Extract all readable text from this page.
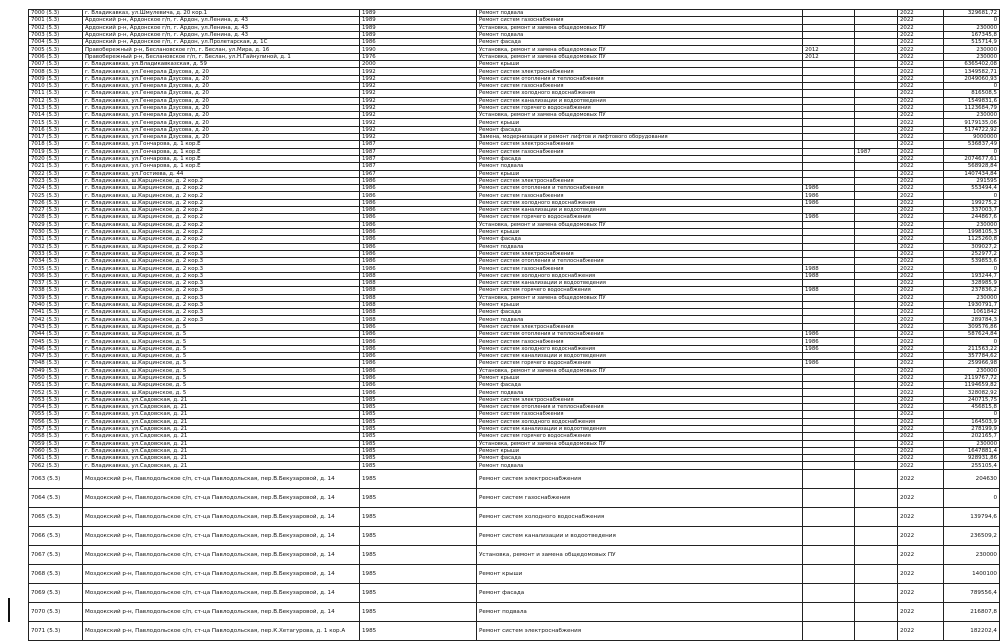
7000 (5.3)	г. Владикавказ, ул.Шмулевича, д. 20 кор.1	1989	Ремонт подвала			2022	329681,72
7001 (5.3)	Ардонский р-н, Ардонское г/п, г. Ардон, ул.Ленина, д. 43	1989	Ремонт систем газоснабжения			2022	0
7002 (5.3)	Ардонский р-н, Ардонское г/п, г. Ардон, ул.Ленина, д. 43	1989	Установка, ремонт и замена общедомовых ПУ			2022	230000
7003 (5.3)	Ардонский р-н, Ардонское г/п, г. Ардон, ул.Ленина, д. 43	1989	Ремонт подвала			2022	167345,8
7004 (5.3)	Ардонский р-н, Ардонское г/п, г. Ардон, ул.Пролетарская, д. 1С	1986	Ремонт фасада			2022	515714,9
7005 (5.3)	Правобережный р-н, Беслановское г/п, г. Беслан, ул.Мира, д. 16	1990	Установка, ремонт и замена общедомовых ПУ	2012		2022	230000
7006 (5.3)	Правобережный р-н, Беслановское г/п, г. Беслан, ул.Н.Гайнулиной, д. 1	1976	Установка, ремонт и замена общедомовых ПУ	2012		2022	230000
7007 (5.3)	г. Владикавказ, ул.Владикавказская, д. 59	2000	Ремонт крыши			2022	6365402,08
7008 (5.3)	г. Владикавказ, ул.Генерала Дзусова, д. 20	1992	Ремонт систем электроснабжения			2022	1349582,71
7009 (5.3)	г. Владикавказ, ул.Генерала Дзусова, д. 20	1992	Ремонт систем отопления и теплоснабжения			2022	2049060,93
7010 (5.3)	г. Владикавказ, ул.Генерала Дзусова, д. 20	1992	Ремонт систем газоснабжения			2022	0
7011 (5.3)	г. Владикавказ, ул.Генерала Дзусова, д. 20	1992	Ремонт систем холодного водоснабжения			2022	816508,5
7012 (5.3)	г. Владикавказ, ул.Генерала Дзусова, д. 20	1992	Ремонт систем канализации и водоотведения			2022	1549831,6
7013 (5.3)	г. Владикавказ, ул.Генерала Дзусова, д. 20	1992	Ремонт систем горячего водоснабжения			2022	1123684,79
7014 (5.3)	г. Владикавказ, ул.Генерала Дзусова, д. 20	1992	Установка, ремонт и замена общедомовых ПУ			2022	230000
7015 (5.3)	г. Владикавказ, ул.Генерала Дзусова, д. 20	1992	Ремонт крыши			2022	9179135,06
7016 (5.3)	г. Владикавказ, ул.Генерала Дзусова, д. 20	1992	Ремонт фасада			2022	5174722,92
7017 (5.3)	г. Владикавказ, ул.Генерала Дзусова, д. 20	1992	Замена, модернизация и ремонт лифтов и лифтового оборудования			2022	9000000
7018 (5.3)	г. Владикавказ, ул.Гончарова, д. 1 кор.Е	1987	Ремонт систем электроснабжения			2022	536837,49
7019 (5.3)	г. Владикавказ, ул.Гончарова, д. 1 кор.Е	1987	Ремонт систем газоснабжения		1987	2022	0
7020 (5.3)	г. Владикавказ, ул.Гончарова, д. 1 кор.Е	1987	Ремонт фасада			2022	2074677,61
7021 (5.3)	г. Владикавказ, ул.Гончарова, д. 1 кор.Е	1987	Ремонт подвала			2022	568928,84
7022 (5.3)	г. Владикавказ, ул.Гостиева, д. 44	1967	Ремонт крыши			2022	1407434,84
7023 (5.3)	г. Владикавказ, ш.Карцинское, д. 2 кор.2	1986	Ремонт систем электроснабжения			2022	291595
7024 (5.3)	г. Владикавказ, ш.Карцинское, д. 2 кор.2	1986	Ремонт систем отопления и теплоснабжения	1986		2022	553494,4
7025 (5.3)	г. Владикавказ, ш.Карцинское, д. 2 кор.2	1986	Ремонт систем газоснабжения	1986		2022	0
7026 (5.3)	г. Владикавказ, ш.Карцинское, д. 2 кор.2	1986	Ремонт систем холодного водоснабжения	1986		2022	199275,2
7027 (5.3)	г. Владикавказ, ш.Карцинское, д. 2 кор.2	1986	Ремонт систем канализации и водоотведения			2022	337003,7
7028 (5.3)	г. Владикавказ, ш.Карцинское, д. 2 кор.2	1986	Ремонт систем горячего водоснабжения	1986		2022	244867,6
7029 (5.3)	г. Владикавказ, ш.Карцинское, д. 2 кор.2	1986	Установка, ремонт и замена общедомовых ПУ			2022	230000
7030 (5.3)	г. Владикавказ, ш.Карцинское, д. 2 кор.2	1986	Ремонт крыши			2022	1998105,3
7031 (5.3)	г. Владикавказ, ш.Карцинское, д. 2 кор.2	1986	Ремонт фасада			2022	1125260,8
7032 (5.3)	г. Владикавказ, ш.Карцинское, д. 2 кор.2	1986	Ремонт подвала			2022	309027,2
7033 (5.3)	г. Владикавказ, ш.Карцинское, д. 2 кор.3	1986	Ремонт систем электроснабжения			2022	252977,2
7034 (5.3)	г. Владикавказ, ш.Карцинское, д. 2 кор.3	1986	Ремонт систем отопления и теплоснабжения			2022	539853,6
7035 (5.3)	г. Владикавказ, ш.Карцинское, д. 2 кор.3	1986	Ремонт систем газоснабжения	1988		2022	0
7036 (5.3)	г. Владикавказ, ш.Карцинское, д. 2 кор.3	1988	Ремонт систем холодного водоснабжения	1988		2022	193244,7
7037 (5.3)	г. Владикавказ, ш.Карцинское, д. 2 кор.3	1988	Ремонт систем канализации и водоотведения			2022	328985,9
7038 (5.3)	г. Владикавказ, ш.Карцинское, д. 2 кор.3	1988	Ремонт систем горячего водоснабжения	1988		2022	237836,2
7039 (5.3)	г. Владикавказ, ш.Карцинское, д. 2 кор.3	1988	Установка, ремонт и замена общедомовых ПУ			2022	230000
7040 (5.3)	г. Владикавказ, ш.Карцинское, д. 2 кор.3	1988	Ремонт крыши			2022	1930791,7
7041 (5.3)	г. Владикавказ, ш.Карцинское, д. 2 кор.3	1988	Ремонт фасада			2022	1061842
7042 (5.3)	г. Владикавказ, ш.Карцинское, д. 2 кор.3	1988	Ремонт подвала			2022	289784,3
7043 (5.3)	г. Владикавказ, ш.Карцинское, д. 5	1986	Ремонт систем электроснабжения			2022	309576,86
7044 (5.3)	г. Владикавказ, ш.Карцинское, д. 5	1986	Ремонт систем отопления и теплоснабжения	1986		2022	587624,84
7045 (5.3)	г. Владикавказ, ш.Карцинское, д. 5	1986	Ремонт систем газоснабжения	1986		2022	0
7046 (5.3)	г. Владикавказ, ш.Карцинское, д. 5	1986	Ремонт систем холодного водоснабжения	1986		2022	211563,22
7047 (5.3)	г. Владикавказ, ш.Карцинское, д. 5	1986	Ремонт систем канализации и водоотведения			2022	357784,62
7048 (5.3)	г. Владикавказ, ш.Карцинское, д. 5	1986	Ремонт систем горячего водоснабжения	1986		2022	259966,98
7049 (5.3)	г. Владикавказ, ш.Карцинское, д. 5	1986	Установка, ремонт и замена общедомовых ПУ			2022	230000
7050 (5.3)	г. Владикавказ, ш.Карцинское, д. 5	1986	Ремонт крыши			2022	2119767,72
7051 (5.3)	г. Владикавказ, ш.Карцинское, д. 5	1986	Ремонт фасада			2022	1194659,82
7052 (5.3)	г. Владикавказ, ш.Карцинское, д. 5	1986	Ремонт подвала			2022	328082,92
7053 (5.3)	г. Владикавказ, ул.Садовская, д. 21	1985	Ремонт систем электроснабжения			2022	240715,75
7054 (5.3)	г. Владикавказ, ул.Садовская, д. 21	1985	Ремонт систем отопления и теплоснабжения			2022	456815,8
7055 (5.3)	г. Владикавказ, ул.Садовская, д. 21	1985	Ремонт систем газоснабжения			2022	0
7056 (5.3)	г. Владикавказ, ул.Садовская, д. 21	1985	Ремонт систем холодного водоснабжения			2022	164503,9
7057 (5.3)	г. Владикавказ, ул.Садовская, д. 21	1985	Ремонт систем канализации и водоотведения			2022	278199,9
7058 (5.3)	г. Владикавказ, ул.Садовская, д. 21	1985	Ремонт систем горячего водоснабжения			2022	202165,7
7059 (5.3)	г. Владикавказ, ул.Садовская, д. 21	1985	Установка, ремонт и замена общедомовых ПУ			2022	230000
7060 (5.3)	г. Владикавказ, ул.Садовская, д. 21	1985	Ремонт крыши			2022	1647881,4
7061 (5.3)	г. Владикавказ, ул.Садовская, д. 21	1985	Ремонт фасада			2022	928931,86
7062 (5.3)	г. Владикавказ, ул.Садовская, д. 21	1985	Ремонт подвала			2022	255105,4
7063 (5.3)	Моздокский р-н, Павлодольское с/п, ст-ца Павлодольская, пер.В.Бекузаровой, д. 14	1985	Ремонт систем электроснабжения			2022	204630
7064 (5.3)	Моздокский р-н, Павлодольское с/п, ст-ца Павлодольская, пер.В.Бекузаровой, д. 14	1985	Ремонт систем газоснабжения			2022	0
7065 (5.3)	Моздокский р-н, Павлодольское с/п, ст-ца Павлодольская, пер.В.Бекузаровой, д. 14	1985	Ремонт систем холодного водоснабжения			2022	139794,6
7066 (5.3)	Моздокский р-н, Павлодольское с/п, ст-ца Павлодольская, пер.В.Бекузаровой, д. 14	1985	Ремонт систем канализации и водоотведения			2022	236509,2
7067 (5.3)	Моздокский р-н, Павлодольское с/п, ст-ца Павлодольская, пер.В.Бекузаровой, д. 14	1985	Установка, ремонт и замена общедомовых ПУ			2022	230000
7068 (5.3)	Моздокский р-н, Павлодольское с/п, ст-ца Павлодольская, пер.В.Бекузаровой, д. 14	1985	Ремонт крыши			2022	1400100
7069 (5.3)	Моздокский р-н, Павлодольское с/п, ст-ца Павлодольская, пер.В.Бекузаровой, д. 14	1985	Ремонт фасада			2022	789556,4
7070 (5.3)	Моздокский р-н, Павлодольское с/п, ст-ца Павлодольская, пер.В.Бекузаровой, д. 14	1985	Ремонт подвала			2022	216807,8
7071 (5.3)	Моздокский р-н, Павлодольское с/п, ст-ца Павлодольская, пер.К.Хетагурова, д. 1 кор.А	1985	Ремонт систем электроснабжения			2022	182202,4
